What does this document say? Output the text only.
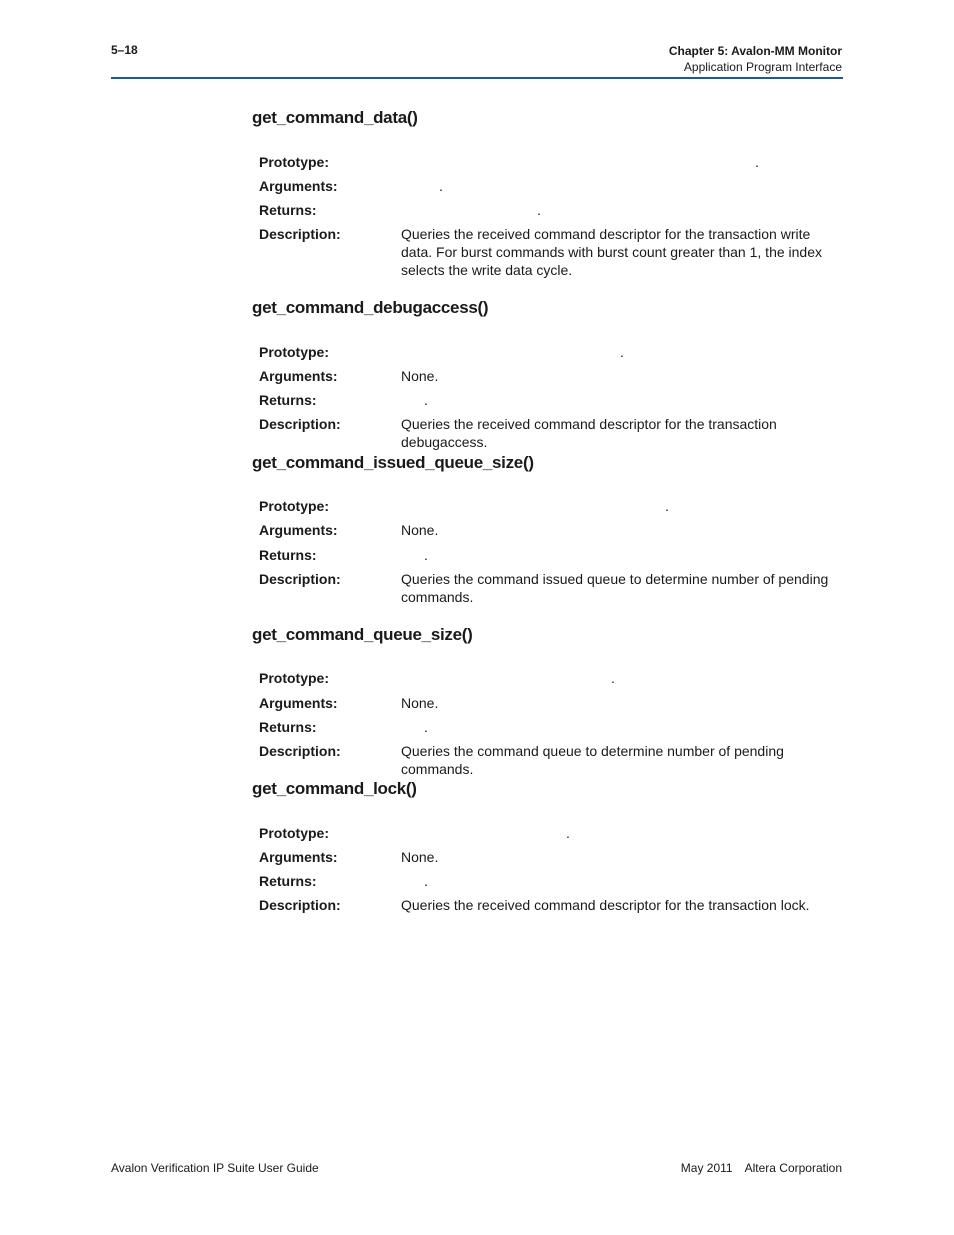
5–18	Chapter 5: Avalon-MM Monitor
Application Program Interface
get_command_data()
Prototype:	.
Arguments:	.
Returns:	.
Description:	Queries the received command descriptor for the transaction write data. For burst commands with burst count greater than 1, the index selects the write data cycle.
get_command_debugaccess()
Prototype:	.
Arguments:	None.
Returns:	.
Description:	Queries the received command descriptor for the transaction debugaccess.
get_command_issued_queue_size()
Prototype:	.
Arguments:	None.
Returns:	.
Description:	Queries the command issued queue to determine number of pending commands.
get_command_queue_size()
Prototype:	.
Arguments:	None.
Returns:	.
Description:	Queries the command queue to determine number of pending commands.
get_command_lock()
Prototype:	.
Arguments:	None.
Returns:	.
Description:	Queries the received command descriptor for the transaction lock.
Avalon Verification IP Suite User Guide	May 2011 Altera Corporation
